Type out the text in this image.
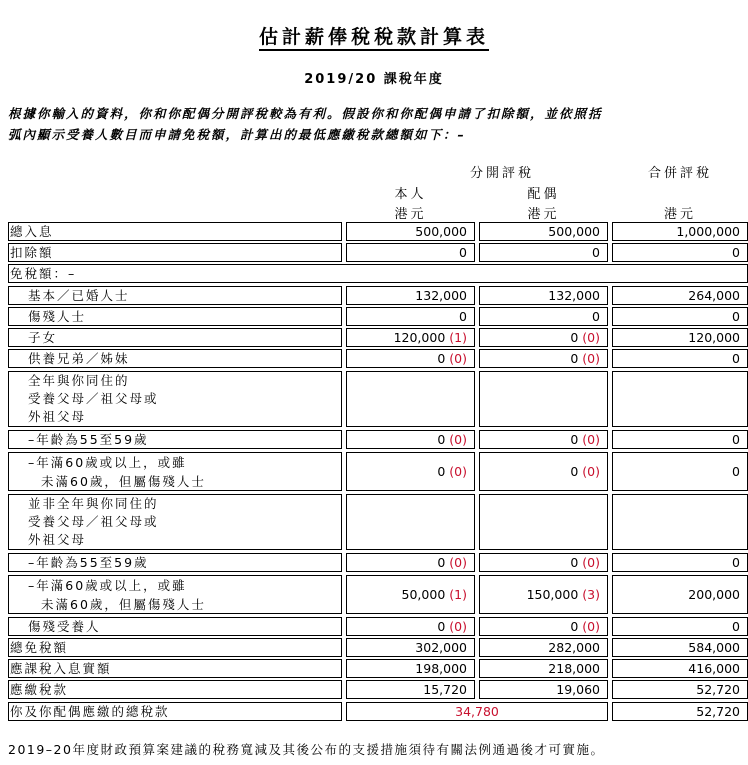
估計薪俸稅稅款計算表
2019/20 課稅年度
根據你輸入的資料，你和你配偶分開評稅較為有利。假設你和你配偶申請了扣除額，並依照括
弧內顯示受養人數目而申請免稅額，計算出的最低應繳稅款總額如下：–
分開評稅	合併評稅
本人	配偶
港元	港元	港元
總入息	500,000	500,000	1,000,000
扣除額	0	0	0
免稅額：–
基本／已婚人士	132,000	132,000	264,000
傷殘人士	0	0	0
子女	120,000 (1)	0 (0)	120,000
供養兄弟／姊妹	0 (0)	0 (0)	0
全年與你同住的
受養父母／祖父母或
外祖父母
–年齡為55至59歲	0 (0)	0 (0)	0
–年滿60歲或以上，或雖
未滿60歲，但屬傷殘人士
0 (0)	0 (0)	0
並非全年與你同住的
受養父母／祖父母或
外祖父母
–年齡為55至59歲	0 (0)	0 (0)	0
–年滿60歲或以上，或雖
未滿60歲，但屬傷殘人士
50,000 (1)	150,000 (3)	200,000
傷殘受養人	0 (0)	0 (0)	0
總免稅額	302,000	282,000	584,000
應課稅入息實額	198,000	218,000	416,000
應繳稅款	15,720	19,060	52,720
你及你配偶應繳的總稅款	34,780	52,720
2019–20年度財政預算案建議的稅務寬減及其後公布的支援措施須待有關法例通過後才可實施。
